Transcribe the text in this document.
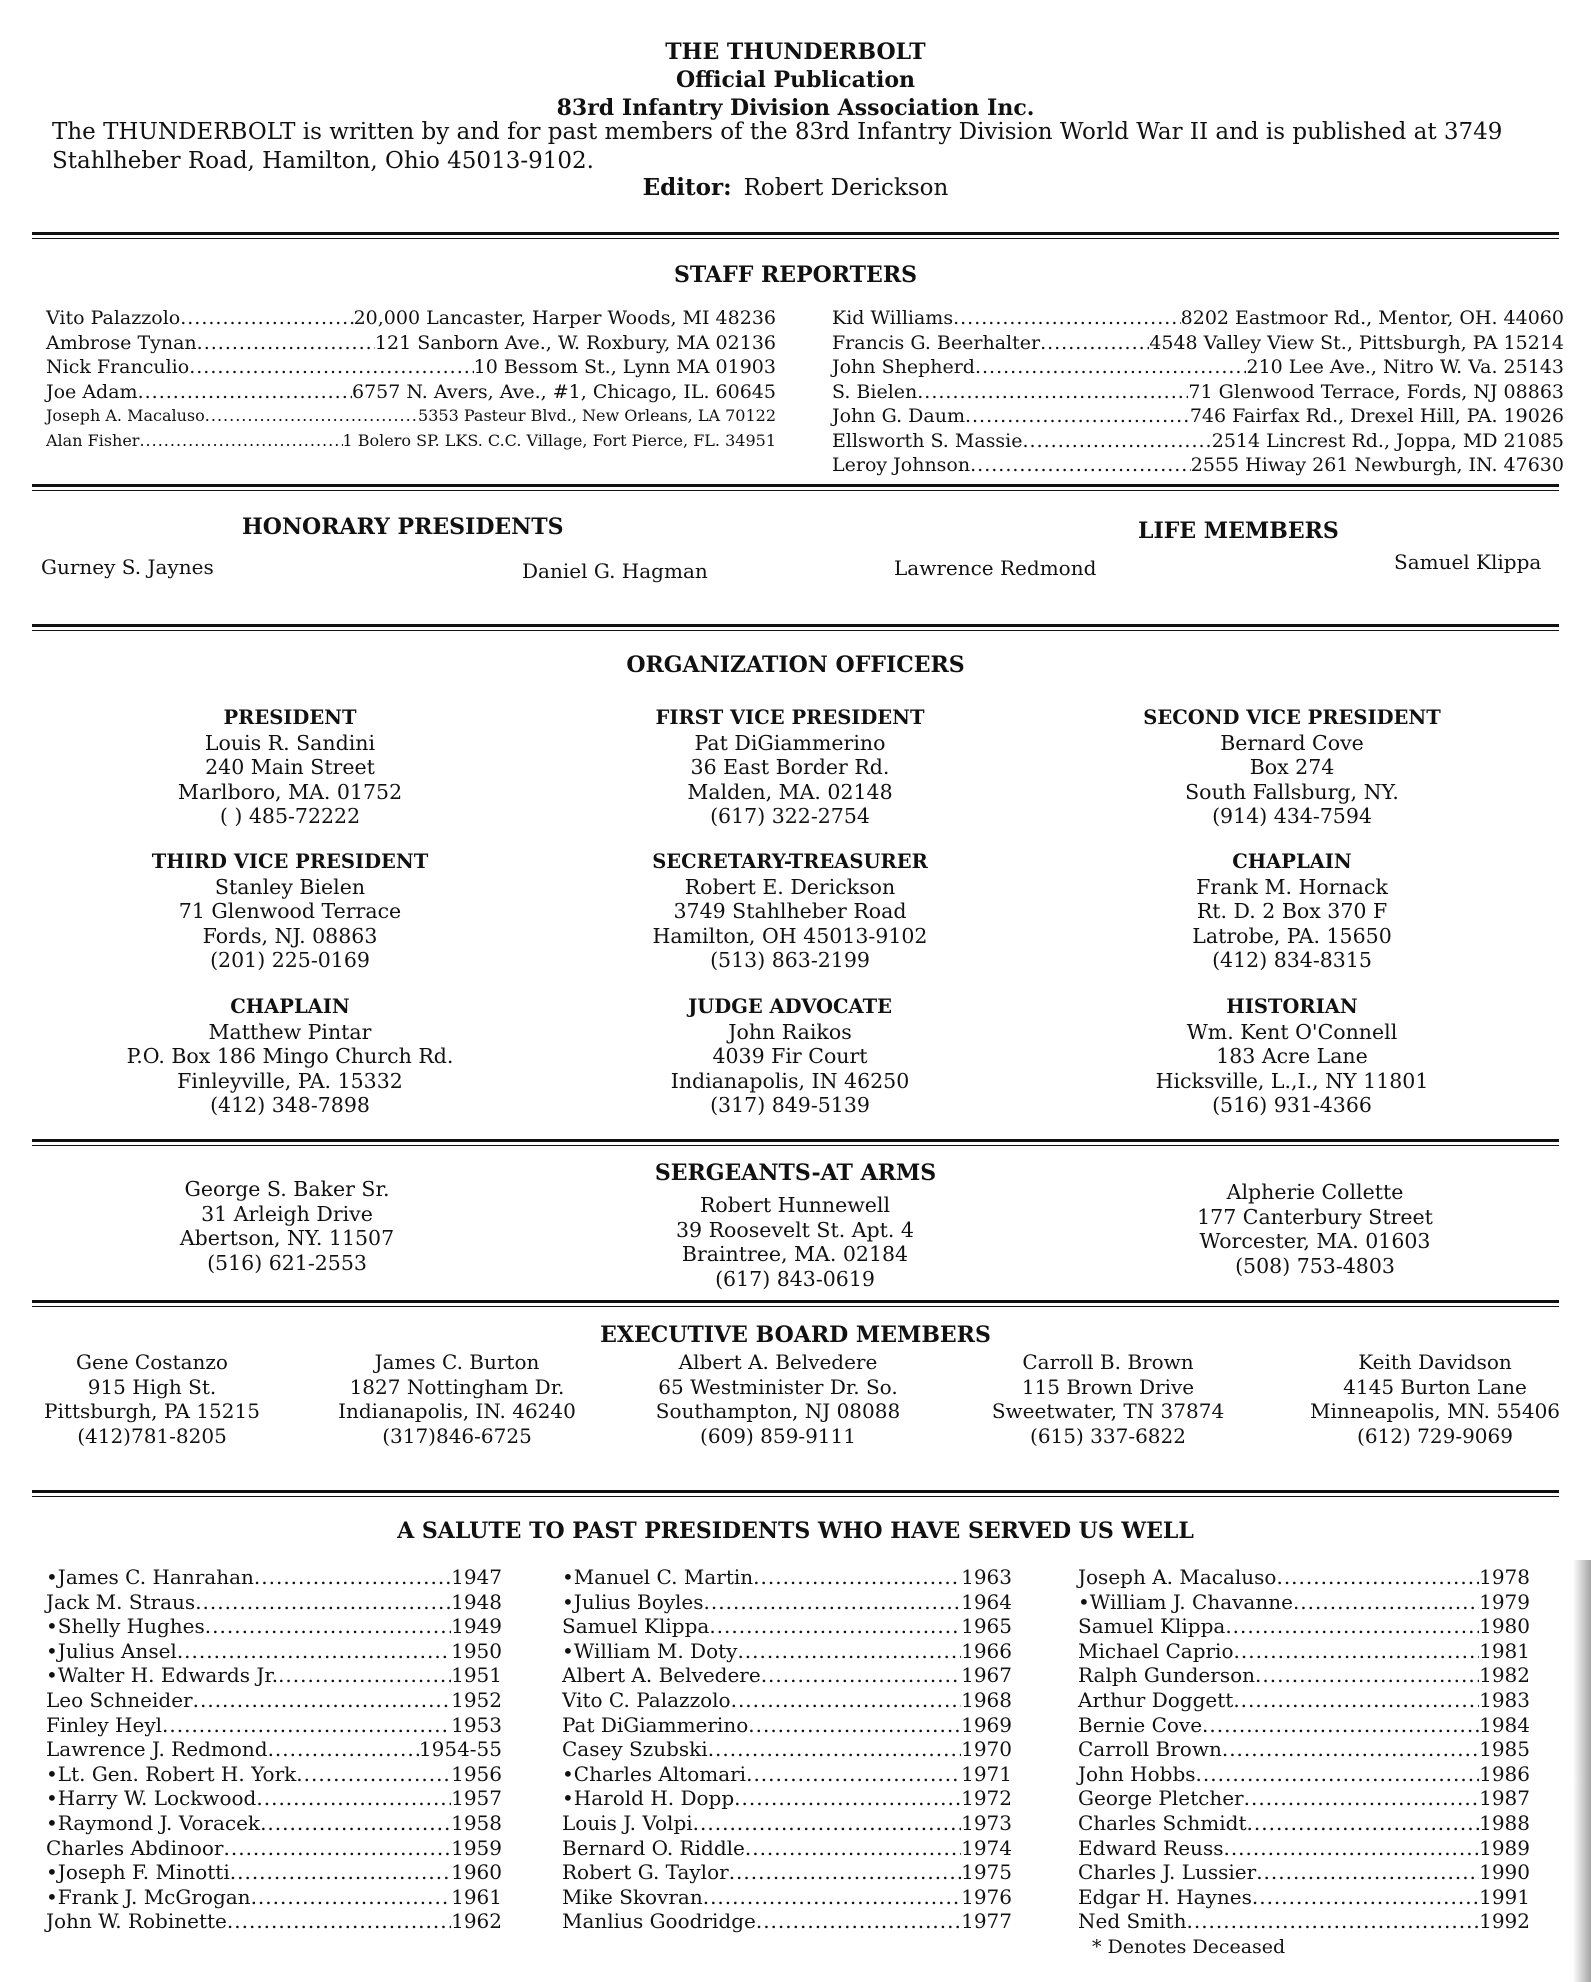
THE THUNDERBOLT
Official Publication
83rd Infantry Division Association Inc.
The THUNDERBOLT is written by and for past members of the 83rd Infantry Division World War II and is published at 3749 Stahlheber Road, Hamilton, Ohio 45013-9102.
Editor: Robert Derickson
STAFF REPORTERS
Vito Palazzolo .....	20,000 Lancaster, Harper Woods, MI 48236
Ambrose Tynan .....	121 Sanborn Ave., W. Roxbury, MA 02136
Nick Franculio .....	10 Bessom St., Lynn MA 01903
Joe Adam .....	6757 N. Avers, Ave., #1, Chicago, IL. 60645
Joseph A. Macaluso .....	5353 Pasteur Blvd., New Orleans, LA 70122
Alan Fisher .....	1 Bolero SP. LKS. C.C. Village, Fort Pierce, FL. 34951
Kid Williams .....	8202 Eastmoor Rd., Mentor, OH. 44060
Francis G. Beerhalter .....	4548 Valley View St., Pittsburgh, PA 15214
John Shepherd .....	210 Lee Ave., Nitro W. Va. 25143
S. Bielen .....	71 Glenwood Terrace, Fords, NJ 08863
John G. Daum .....	746 Fairfax Rd., Drexel Hill, PA. 19026
Ellsworth S. Massie .....	2514 Lincrest Rd., Joppa, MD 21085
Leroy Johnson .....	2555 Hiway 261 Newburgh, IN. 47630
HONORARY PRESIDENTS	LIFE MEMBERS
Gurney S. Jaynes	Daniel G. Hagman	Lawrence Redmond	Samuel Klippa
ORGANIZATION OFFICERS
PRESIDENT
Louis R. Sandini
240 Main Street
Marlboro, MA. 01752
( ) 485-72222
FIRST VICE PRESIDENT
Pat DiGiammerino
36 East Border Rd.
Malden, MA. 02148
(617) 322-2754
SECOND VICE PRESIDENT
Bernard Cove
Box 274
South Fallsburg, NY.
(914) 434-7594
THIRD VICE PRESIDENT
Stanley Bielen
71 Glenwood Terrace
Fords, NJ. 08863
(201) 225-0169
SECRETARY-TREASURER
Robert E. Derickson
3749 Stahlheber Road
Hamilton, OH 45013-9102
(513) 863-2199
CHAPLAIN
Frank M. Hornack
Rt. D. 2 Box 370 F
Latrobe, PA. 15650
(412) 834-8315
CHAPLAIN
Matthew Pintar
P.O. Box 186 Mingo Church Rd.
Finleyville, PA. 15332
(412) 348-7898
JUDGE ADVOCATE
John Raikos
4039 Fir Court
Indianapolis, IN 46250
(317) 849-5139
HISTORIAN
Wm. Kent O'Connell
183 Acre Lane
Hicksville, L.,I., NY 11801
(516) 931-4366
SERGEANTS-AT ARMS
George S. Baker Sr.
31 Arleigh Drive
Abertson, NY. 11507
(516) 621-2553
Robert Hunnewell
39 Roosevelt St. Apt. 4
Braintree, MA. 02184
(617) 843-0619
Alpherie Collette
177 Canterbury Street
Worcester, MA. 01603
(508) 753-4803
EXECUTIVE BOARD MEMBERS
Gene Costanzo
915 High St.
Pittsburgh, PA 15215
(412)781-8205
James C. Burton
1827 Nottingham Dr.
Indianapolis, IN. 46240
(317)846-6725
Albert A. Belvedere
65 Westminister Dr. So.
Southampton, NJ 08088
(609) 859-9111
Carroll B. Brown
115 Brown Drive
Sweetwater, TN 37874
(615) 337-6822
Keith Davidson
4145 Burton Lane
Minneapolis, MN. 55406
(612) 729-9069
A SALUTE TO PAST PRESIDENTS WHO HAVE SERVED US WELL
•James C. Hanrahan .....	1947
Jack M. Straus .....	1948
•Shelly Hughes .....	1949
•Julius Ansel .....	1950
•Walter H. Edwards Jr. .....	1951
Leo Schneider .....	1952
Finley Heyl .....	1953
Lawrence J. Redmond .....	1954-55
•Lt. Gen. Robert H. York .....	1956
•Harry W. Lockwood .....	1957
•Raymond J. Voracek .....	1958
Charles Abdinoor .....	1959
•Joseph F. Minotti .....	1960
•Frank J. McGrogan .....	1961
John W. Robinette .....	1962
•Manuel C. Martin .....	1963
•Julius Boyles .....	1964
Samuel Klippa .....	1965
•William M. Doty .....	1966
Albert A. Belvedere .....	1967
Vito C. Palazzolo .....	1968
Pat DiGiammerino .....	1969
Casey Szubski .....	1970
•Charles Altomari .....	1971
•Harold H. Dopp .....	1972
Louis J. Volpi .....	1973
Bernard O. Riddle .....	1974
Robert G. Taylor .....	1975
Mike Skovran .....	1976
Manlius Goodridge .....	1977
Joseph A. Macaluso .....	1978
•William J. Chavanne .....	1979
Samuel Klippa .....	1980
Michael Caprio .....	1981
Ralph Gunderson .....	1982
Arthur Doggett .....	1983
Bernie Cove .....	1984
Carroll Brown .....	1985
John Hobbs .....	1986
George Pletcher .....	1987
Charles Schmidt .....	1988
Edward Reuss .....	1989
Charles J. Lussier .....	1990
Edgar H. Haynes .....	1991
Ned Smith .....	1992
* Denotes Deceased
